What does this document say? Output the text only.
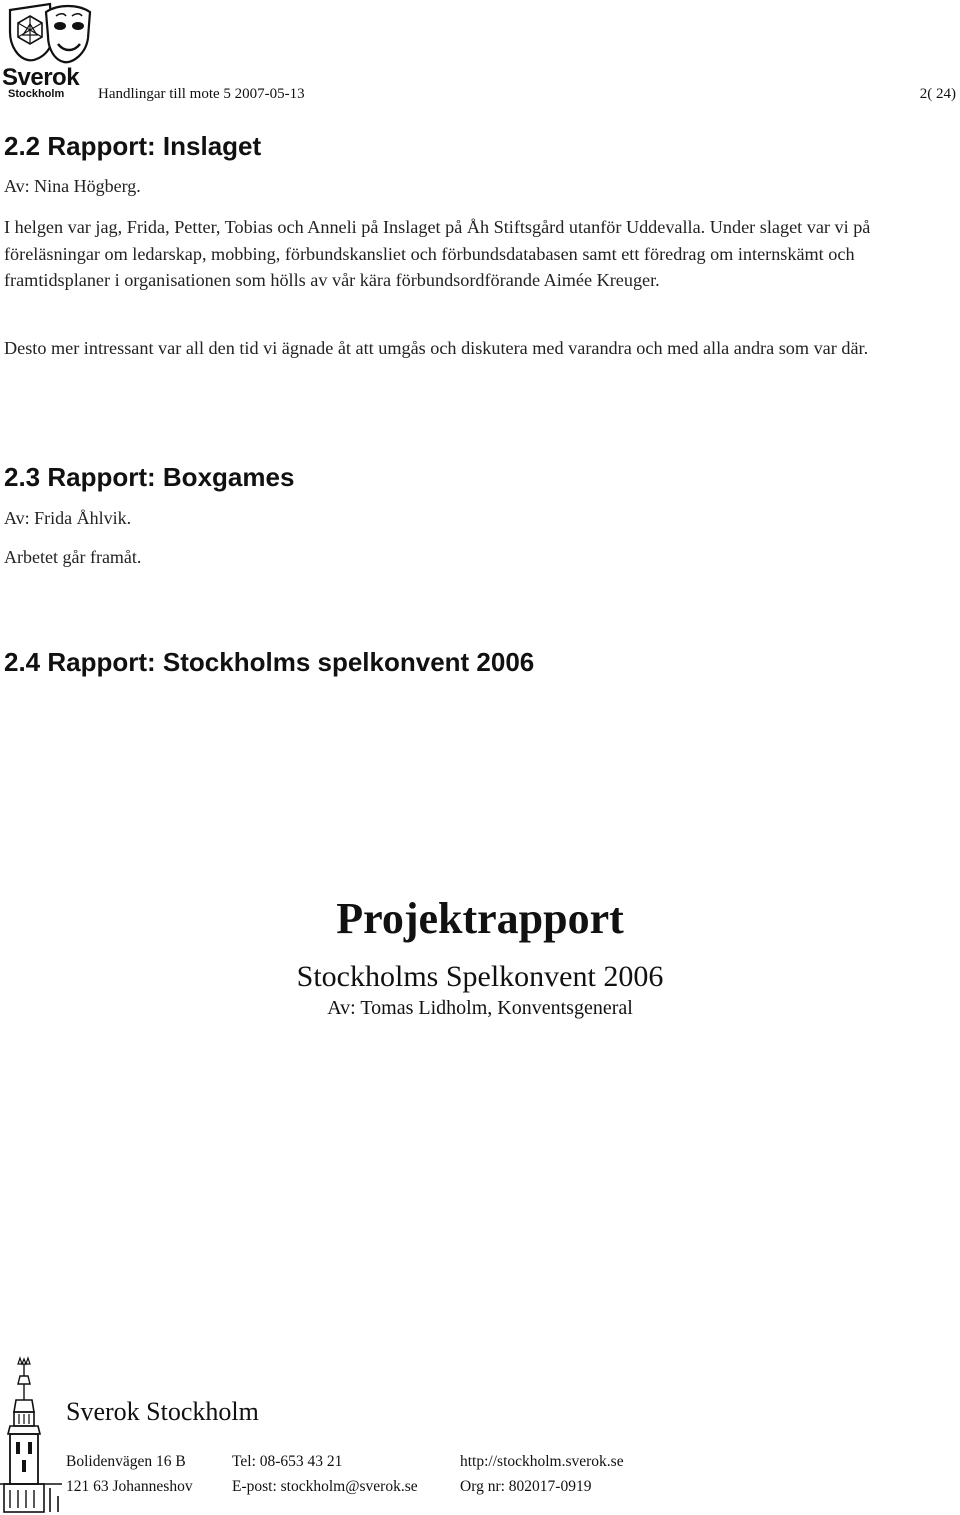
Sverok
Stockholm Handlingar till mote 5 2007-05-13	2( 24)
2.2 Rapport: Inslaget
Av: Nina Högberg.

I helgen var jag, Frida, Petter, Tobias och Anneli på Inslaget på Åh Stiftsgård utanför Uddevalla. Under slaget var vi på föreläsningar om ledarskap, mobbing, förbundskansliet och förbundsdatabasen samt ett föredrag om internskämt och framtidsplaner i organisationen som hölls av vår kära förbundsordförande Aimée Kreuger.

Desto mer intressant var all den tid vi ägnade åt att umgås och diskutera med varandra och med alla andra som var där.

2.3 Rapport: Boxgames
Av: Frida Åhlvik.
Arbetet går framåt.
2.4 Rapport: Stockholms spelkonvent 2006
Projektrapport
Stockholms Spelkonvent 2006
Av: Tomas Lidholm, Konventsgeneral
Sverok Stockholm
Bolidenvägen 16 B
121 63 Johanneshov
Tel: 08-653 43 21
E-post: stockholm@sverok.se
http://stockholm.sverok.se
Org nr: 802017-0919
